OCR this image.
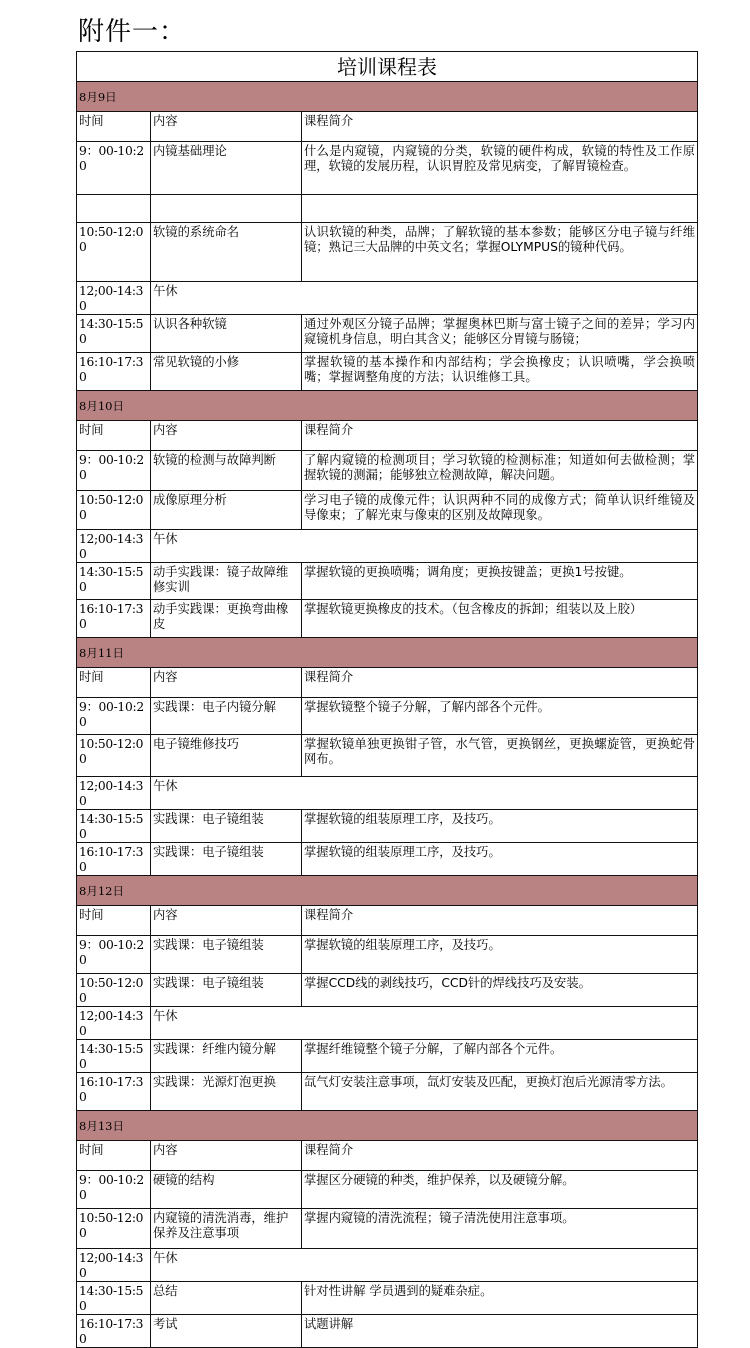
附件一：
培训课程表		
8月9日		
时间	内容	课程简介
9：00-10:20	内镜基础理论	什么是内窥镜，内窥镜的分类，软镜的硬件构成，软镜的特性及工作原理，软镜的发展历程，认识胃腔及常见病变，了解胃镜检查。

10:50-12:00	软镜的系统命名	认识软镜的种类，品牌；了解软镜的基本参数；能够区分电子镜与纤维镜；熟记三大品牌的中英文名；掌握OLYMPUS的镜种代码。
12;00-14:30	午休	
14:30-15:50	认识各种软镜	通过外观区分镜子品牌；掌握奥林巴斯与富士镜子之间的差异；学习内窥镜机身信息，明白其含义；能够区分胃镜与肠镜；
16:10-17:30	常见软镜的小修	掌握软镜的基本操作和内部结构；学会换橡皮；认识喷嘴，学会换喷嘴；掌握调整角度的方法；认识维修工具。
8月10日		
时间	内容	课程简介
9：00-10:20	软镜的检测与故障判断	了解内窥镜的检测项目；学习软镜的检测标准；知道如何去做检测；掌握软镜的测漏；能够独立检测故障，解决问题。
10:50-12:00	成像原理分析	学习电子镜的成像元件；认识两种不同的成像方式；简单认识纤维镜及导像束；了解光束与像束的区别及故障现象。
12;00-14:30	午休	
14:30-15:50	动手实践课：镜子故障维修实训	掌握软镜的更换喷嘴；调角度；更换按键盖；更换1号按键。
16:10-17:30	动手实践课：更换弯曲橡皮	掌握软镜更换橡皮的技术。（包含橡皮的拆卸；组装以及上胶）
8月11日		
时间	内容	课程简介
9：00-10:20	实践课：电子内镜分解	掌握软镜整个镜子分解，了解内部各个元件。
10:50-12:00	电子镜维修技巧	掌握软镜单独更换钳子管，水气管，更换钢丝，更换螺旋管，更换蛇骨网布。
12;00-14:30	午休	
14:30-15:50	实践课：电子镜组装	掌握软镜的组装原理工序，及技巧。
16:10-17:30	实践课：电子镜组装	掌握软镜的组装原理工序，及技巧。
8月12日		
时间	内容	课程简介
9：00-10:20	实践课：电子镜组装	掌握软镜的组装原理工序，及技巧。
10:50-12:00	实践课：电子镜组装	掌握CCD线的剥线技巧，CCD针的焊线技巧及安装。
12;00-14:30	午休	
14:30-15:50	实践课：纤维内镜分解	掌握纤维镜整个镜子分解，了解内部各个元件。
16:10-17:30	实践课：光源灯泡更换	氙气灯安装注意事项，氙灯安装及匹配，更换灯泡后光源清零方法。
8月13日		
时间	内容	课程简介
9：00-10:20	硬镜的结构	掌握区分硬镜的种类，维护保养，以及硬镜分解。
10:50-12:00	内窥镜的清洗消毒，维护保养及注意事项	掌握内窥镜的清洗流程；镜子清洗使用注意事项。
12;00-14:30	午休	
14:30-15:50	总结	针对性讲解 学员遇到的疑难杂症。
16:10-17:30	考试	试题讲解
